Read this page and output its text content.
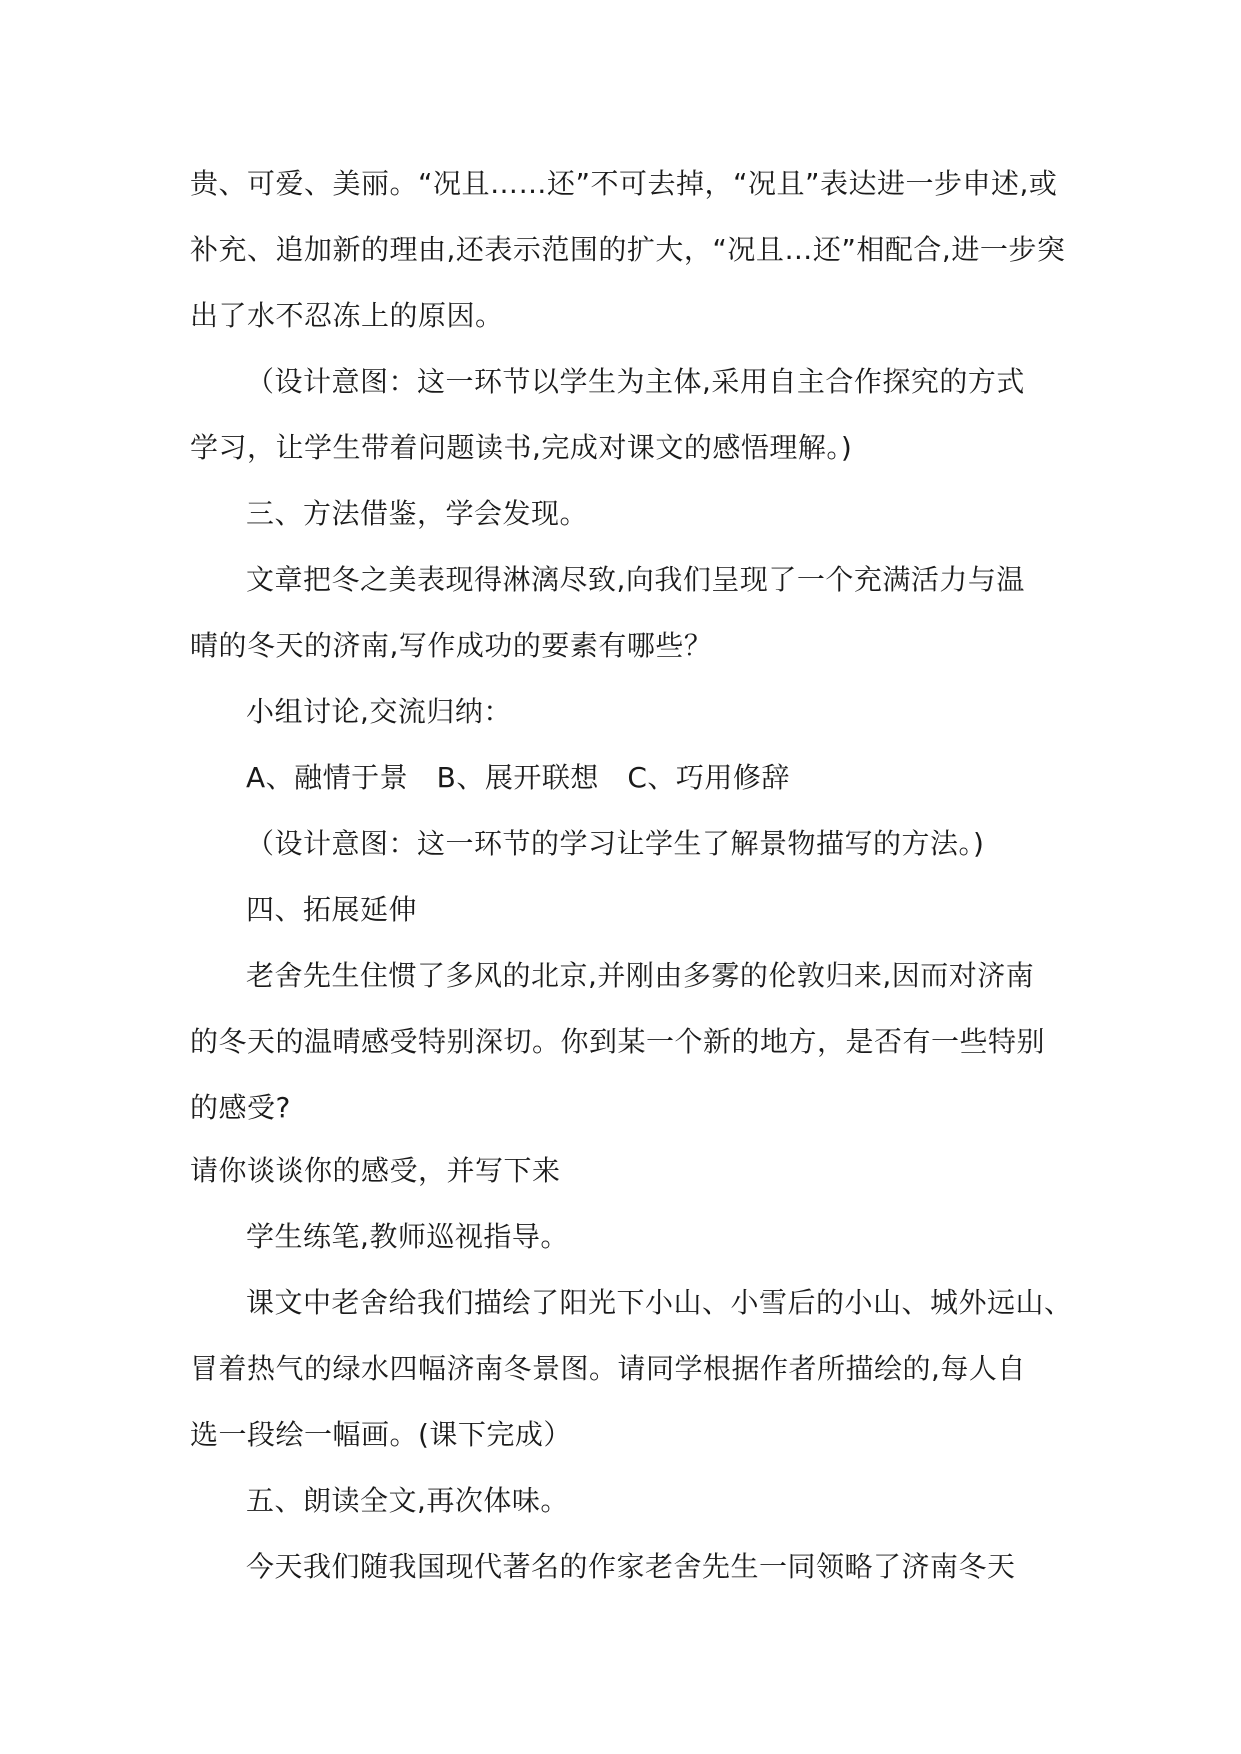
贵、可爱、美丽。“况且……还”不可去掉，“况且”表达进一步申述,或
补充、追加新的理由,还表示范围的扩大，“况且…还”相配合,进一步突
出了水不忍冻上的原因。
（设计意图：这一环节以学生为主体,采用自主合作探究的方式
学习，让学生带着问题读书,完成对课文的感悟理解。)
三、方法借鉴，学会发现。
文章把冬之美表现得淋漓尽致,向我们呈现了一个充满活力与温
晴的冬天的济南,写作成功的要素有哪些？
小组讨论,交流归纳：
A、融情于景　B、展开联想　C、巧用修辞
（设计意图：这一环节的学习让学生了解景物描写的方法。)
四、拓展延伸
老舍先生住惯了多风的北京,并刚由多雾的伦敦归来,因而对济南
的冬天的温晴感受特别深切。你到某一个新的地方，是否有一些特别
的感受?
请你谈谈你的感受，并写下来
学生练笔,教师巡视指导。
课文中老舍给我们描绘了阳光下小山、小雪后的小山、城外远山、
冒着热气的绿水四幅济南冬景图。请同学根据作者所描绘的,每人自
选一段绘一幅画。(课下完成）
五、朗读全文,再次体味。
今天我们随我国现代著名的作家老舍先生一同领略了济南冬天
